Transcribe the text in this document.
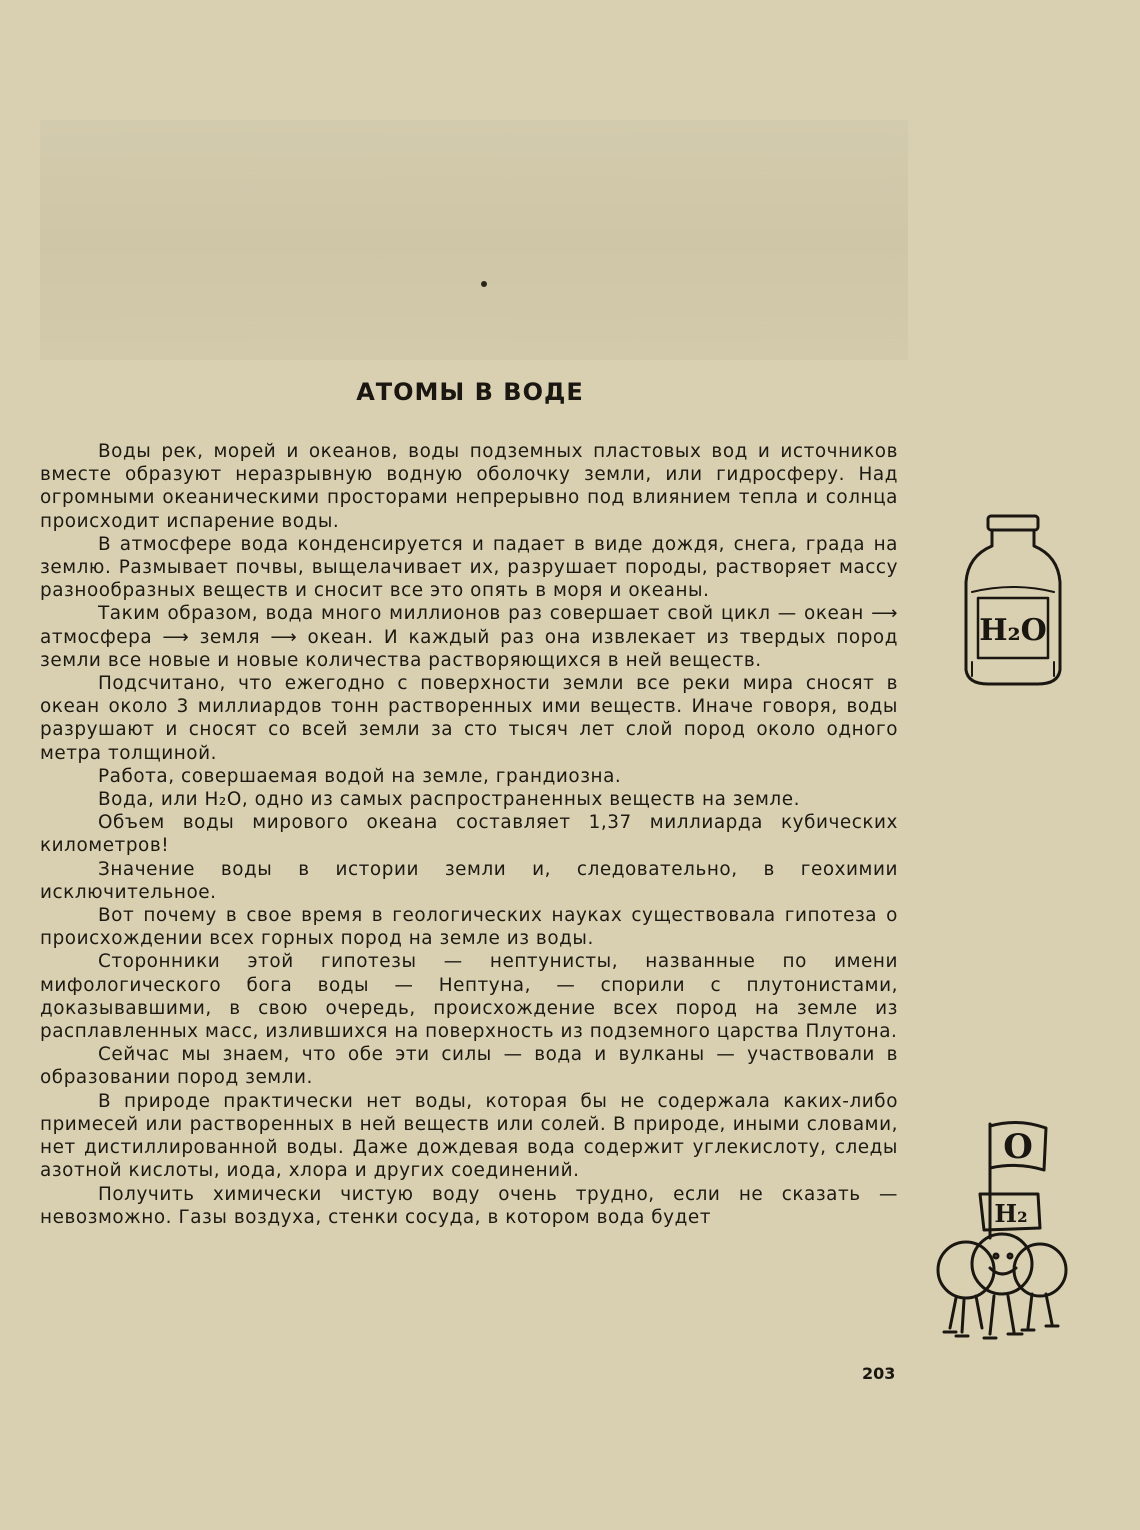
АТОМЫ В ВОДЕ

Воды рек, морей и океанов, воды подземных пластовых вод и источников вместе образуют неразрывную водную оболочку земли, или гидросферу. Над огромными океаническими просторами непрерывно под влиянием тепла и солнца происходит испарение воды.

В атмосфере вода конденсируется и падает в виде дождя, снега, града на землю. Размывает почвы, выщелачивает их, разрушает породы, растворяет массу разнообразных веществ и сносит все это опять в моря и океаны.

Таким образом, вода много миллионов раз совершает свой цикл — океан ⟶ атмосфера ⟶ земля ⟶ океан. И каждый раз она извлекает из твердых пород земли все новые и новые количества растворяющихся в ней веществ.

Подсчитано, что ежегодно с поверхности земли все реки мира сносят в океан около 3 миллиардов тонн растворенных ими веществ. Иначе говоря, воды разрушают и сносят со всей земли за сто тысяч лет слой пород около одного метра толщиной.

Работа, совершаемая водой на земле, грандиозна.

Вода, или H₂O, одно из самых распространенных веществ на земле.

Объем воды мирового океана составляет 1,37 миллиарда кубических километров!

Значение воды в истории земли и, следовательно, в геохимии исключительное.

Вот почему в свое время в геологических науках существовала гипотеза о происхождении всех горных пород на земле из воды.

Сторонники этой гипотезы — нептунисты, названные по имени мифологического бога воды — Нептуна, — спорили с плутонистами, доказывавшими, в свою очередь, происхождение всех пород на земле из расплавленных масс, излившихся на поверхность из подземного царства Плутона.

Сейчас мы знаем, что обе эти силы — вода и вулканы — участвовали в образовании пород земли.

В природе практически нет воды, которая бы не содержала каких-либо примесей или растворенных в ней веществ или солей. В природе, иными словами, нет дистиллированной воды. Даже дождевая вода содержит углекислоту, следы азотной кислоты, иода, хлора и других соединений.

Получить химически чистую воду очень трудно, если не сказать — невозможно. Газы воздуха, стенки сосуда, в котором вода будет

H₂O
O
H₂
203
